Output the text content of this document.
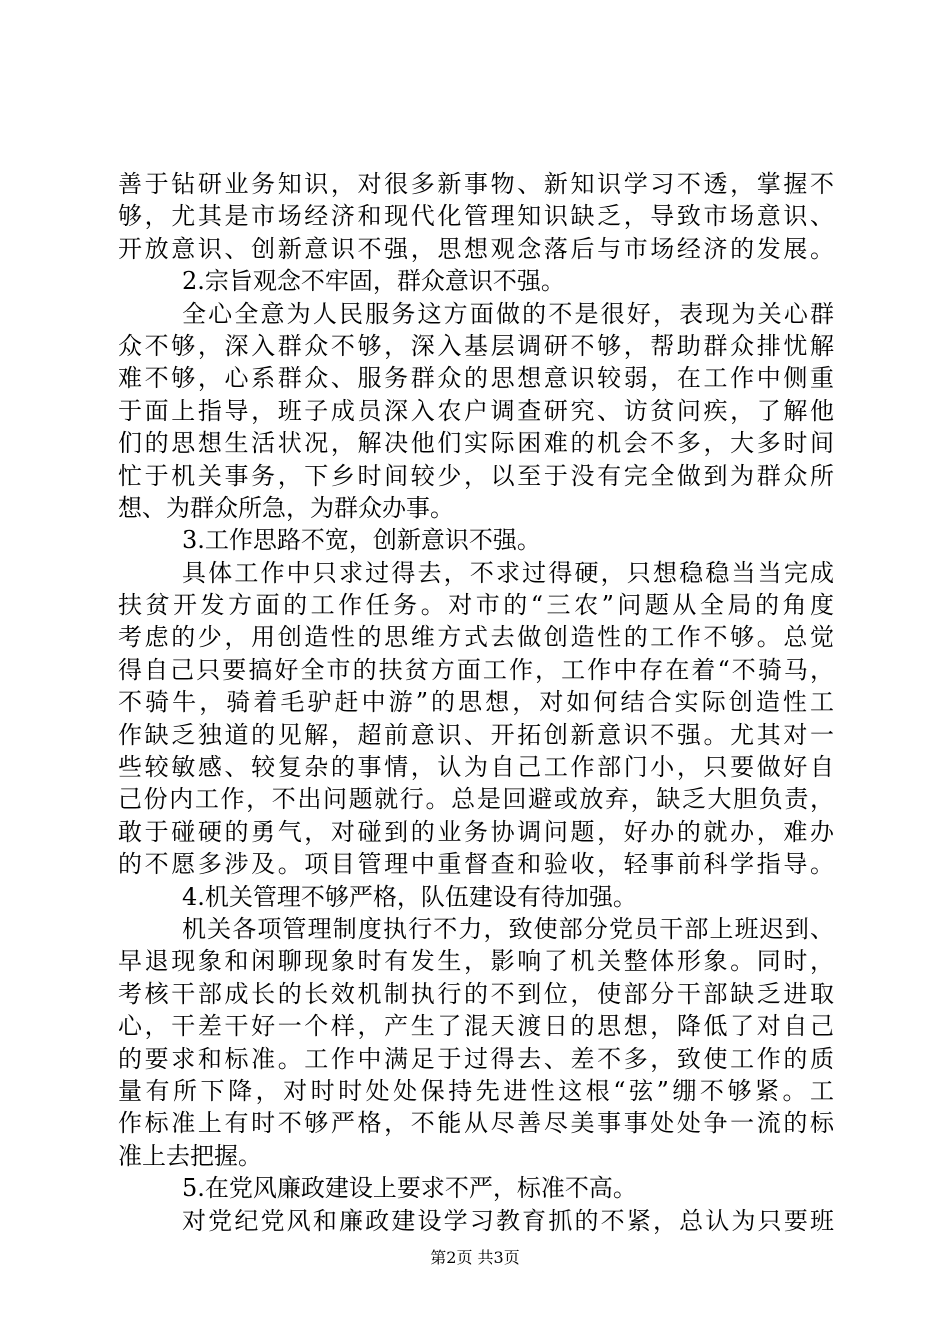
善于钻研业务知识，对很多新事物、新知识学习不透，掌握不
够，尤其是市场经济和现代化管理知识缺乏，导致市场意识、
开放意识、创新意识不强，思想观念落后与市场经济的发展。
2.宗旨观念不牢固，群众意识不强。
全心全意为人民服务这方面做的不是很好，表现为关心群
众不够，深入群众不够，深入基层调研不够，帮助群众排忧解
难不够，心系群众、服务群众的思想意识较弱，在工作中侧重
于面上指导，班子成员深入农户调查研究、访贫问疾，了解他
们的思想生活状况，解决他们实际困难的机会不多，大多时间
忙于机关事务，下乡时间较少，以至于没有完全做到为群众所
想、为群众所急，为群众办事。
3.工作思路不宽，创新意识不强。
具体工作中只求过得去，不求过得硬，只想稳稳当当完成
扶贫开发方面的工作任务。对市的“三农”问题从全局的角度
考虑的少，用创造性的思维方式去做创造性的工作不够。总觉
得自己只要搞好全市的扶贫方面工作，工作中存在着“不骑马，
不骑牛，骑着毛驴赶中游”的思想，对如何结合实际创造性工
作缺乏独道的见解，超前意识、开拓创新意识不强。尤其对一
些较敏感、较复杂的事情，认为自己工作部门小，只要做好自
己份内工作，不出问题就行。总是回避或放弃，缺乏大胆负责，
敢于碰硬的勇气，对碰到的业务协调问题，好办的就办，难办
的不愿多涉及。项目管理中重督查和验收，轻事前科学指导。
4.机关管理不够严格，队伍建设有待加强。
机关各项管理制度执行不力，致使部分党员干部上班迟到、
早退现象和闲聊现象时有发生，影响了机关整体形象。同时，
考核干部成长的长效机制执行的不到位，使部分干部缺乏进取
心，干差干好一个样，产生了混天渡日的思想，降低了对自己
的要求和标准。工作中满足于过得去、差不多，致使工作的质
量有所下降，对时时处处保持先进性这根“弦”绷不够紧。工
作标准上有时不够严格，不能从尽善尽美事事处处争一流的标
准上去把握。
5.在党风廉政建设上要求不严，标准不高。
对党纪党风和廉政建设学习教育抓的不紧，总认为只要班
第2页 共3页
